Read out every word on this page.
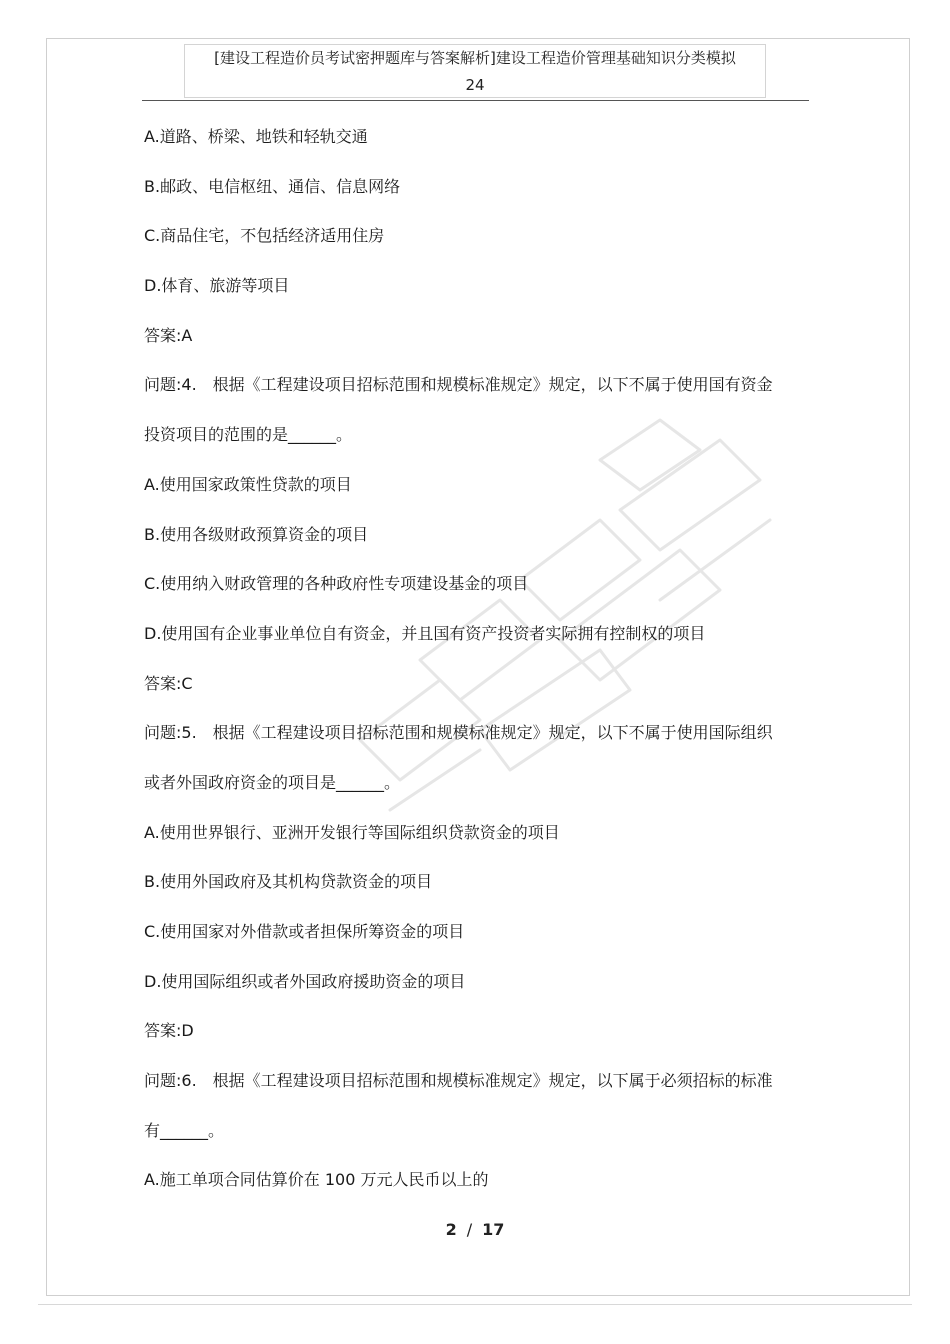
[建设工程造价员考试密押题库与答案解析]建设工程造价管理基础知识分类模拟
24
A.道路、桥梁、地铁和轻轨交通
B.邮政、电信枢纽、通信、信息网络
C.商品住宅，不包括经济适用住房
D.体育、旅游等项目
答案:A
问题:4.　根据《工程建设项目招标范围和规模标准规定》规定，以下不属于使用国有资金
投资项目的范围的是______。
A.使用国家政策性贷款的项目
B.使用各级财政预算资金的项目
C.使用纳入财政管理的各种政府性专项建设基金的项目
D.使用国有企业事业单位自有资金，并且国有资产投资者实际拥有控制权的项目
答案:C
问题:5.　根据《工程建设项目招标范围和规模标准规定》规定，以下不属于使用国际组织
或者外国政府资金的项目是______。
A.使用世界银行、亚洲开发银行等国际组织贷款资金的项目
B.使用外国政府及其机构贷款资金的项目
C.使用国家对外借款或者担保所筹资金的项目
D.使用国际组织或者外国政府援助资金的项目
答案:D
问题:6.　根据《工程建设项目招标范围和规模标准规定》规定，以下属于必须招标的标准
有______。
A.施工单项合同估算价在 100 万元人民币以上的
2 / 17
